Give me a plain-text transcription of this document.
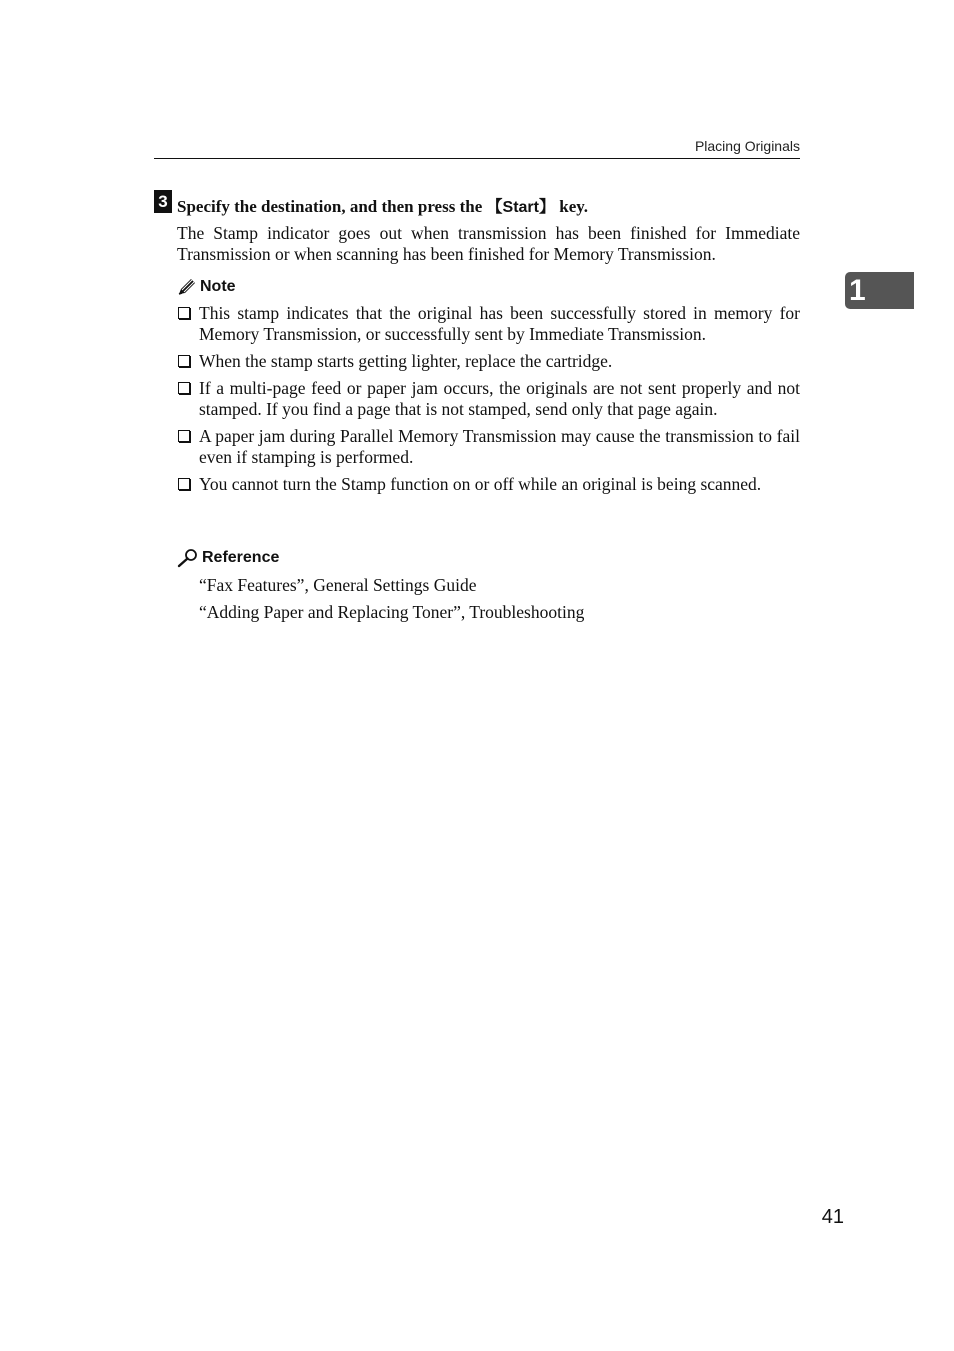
Placing Originals
1
3 Specify the destination, and then press the 【Start】 key.

The Stamp indicator goes out when transmission has been finished for Immediate Transmission or when scanning has been finished for Memory Transmission.

Note
This stamp indicates that the original has been successfully stored in memory for Memory Transmission, or successfully sent by Immediate Transmission.
When the stamp starts getting lighter, replace the cartridge.
If a multi-page feed or paper jam occurs, the originals are not sent properly and not stamped. If you find a page that is not stamped, send only that page again.
A paper jam during Parallel Memory Transmission may cause the transmission to fail even if stamping is performed.
You cannot turn the Stamp function on or off while an original is being scanned.
Reference
“Fax Features”, General Settings Guide
“Adding Paper and Replacing Toner”, Troubleshooting
41
